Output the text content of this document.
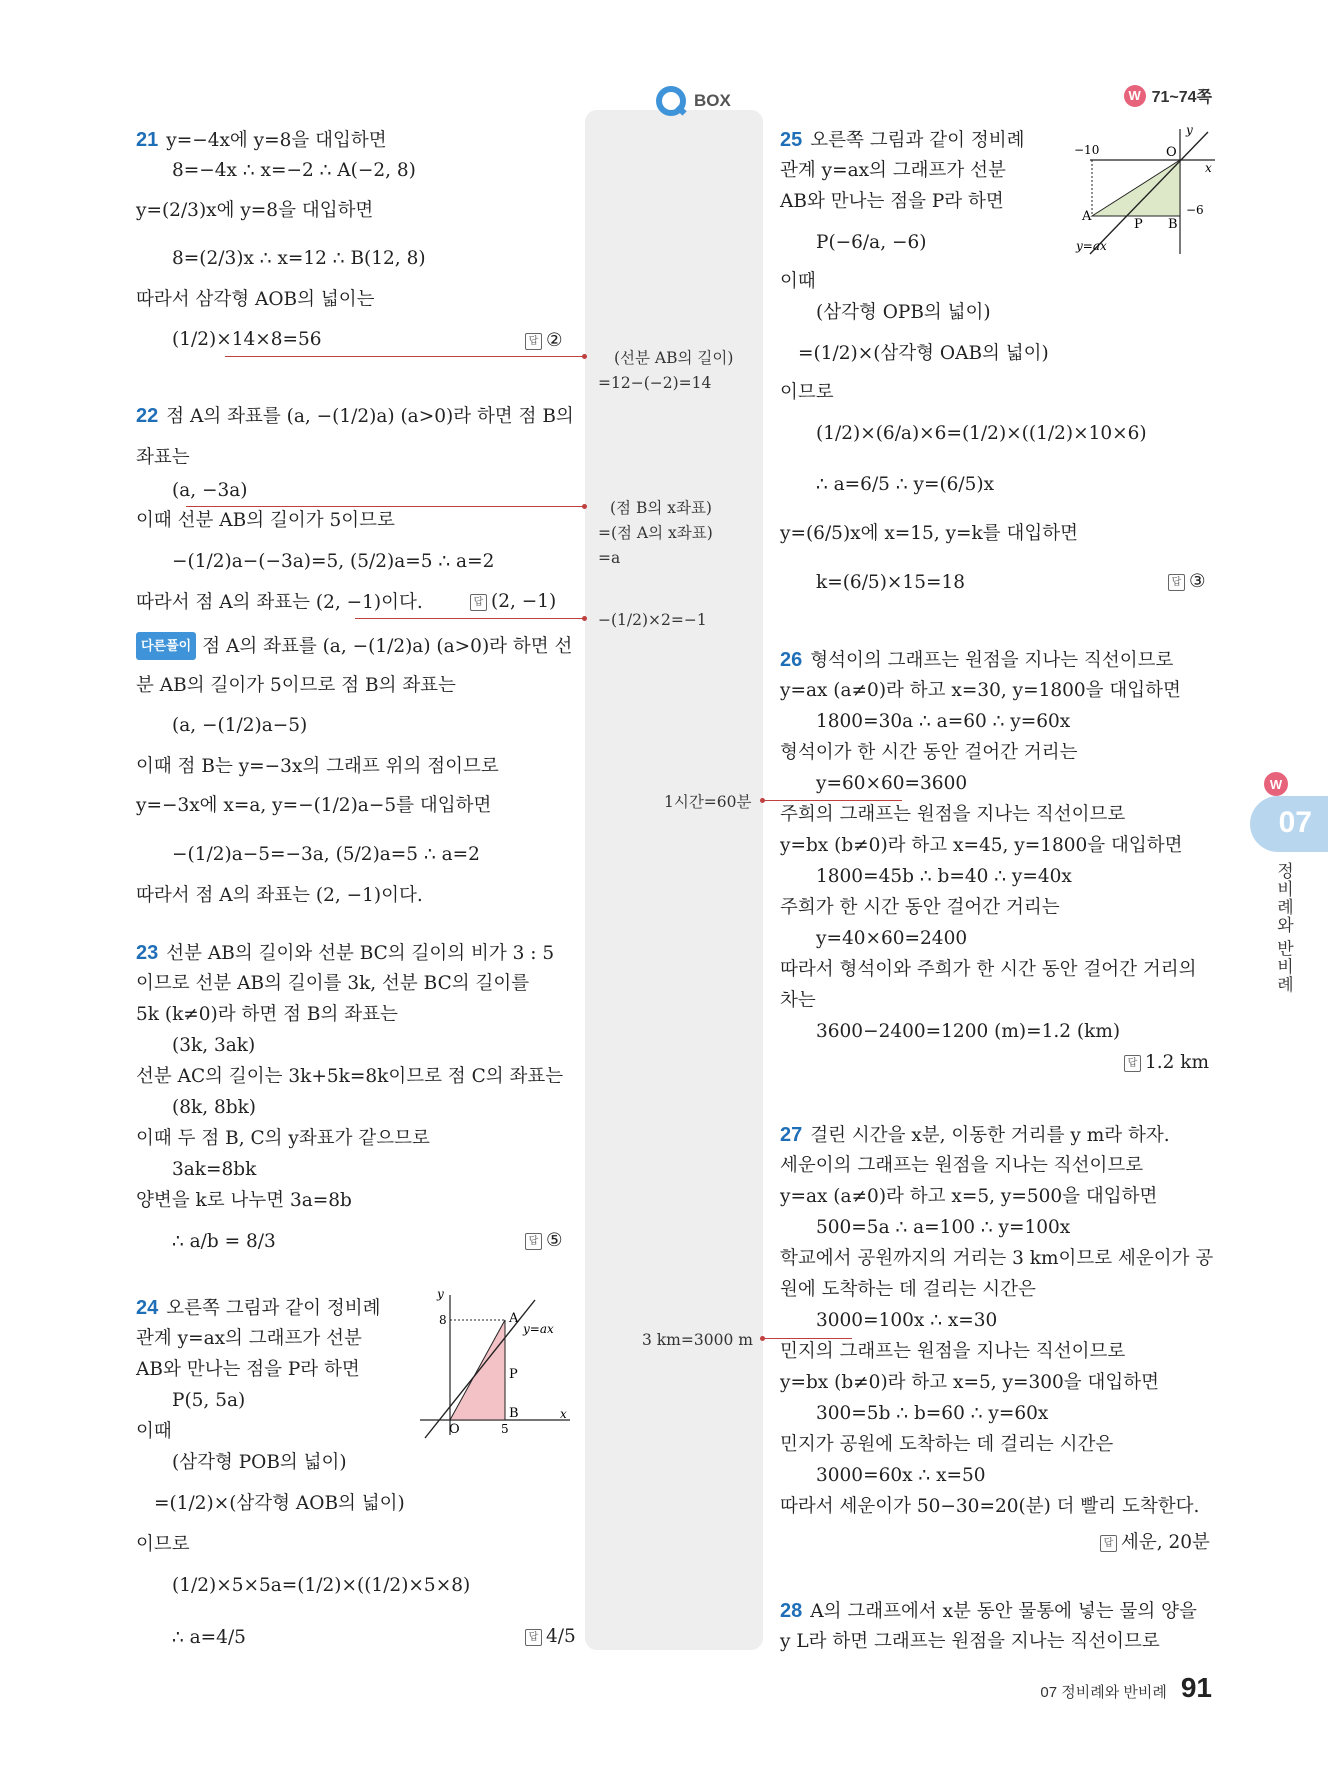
BOX	W 71~74쪽
21 y=−4x에 y=8을 대입하면
8=−4x ∴ x=−2 ∴ A(−2, 8)
y=(2/3)x에 y=8을 대입하면
8=(2/3)x ∴ x=12 ∴ B(12, 8)
따라서 삼각형 AOB의 넓이는
(1/2)×14×8=56	답 ②
22 점 A의 좌표를 (a, −(1/2)a) (a>0)라 하면 점 B의
좌표는
(a, −3a)
이때 선분 AB의 길이가 5이므로
−(1/2)a−(−3a)=5, (5/2)a=5 ∴ a=2
따라서 점 A의 좌표는 (2, −1)이다.	답 (2, −1)
다른풀이 점 A의 좌표를 (a, −(1/2)a) (a>0)라 하면 선
분 AB의 길이가 5이므로 점 B의 좌표는
(a, −(1/2)a−5)
이때 점 B는 y=−3x의 그래프 위의 점이므로
y=−3x에 x=a, y=−(1/2)a−5를 대입하면
−(1/2)a−5=−3a, (5/2)a=5 ∴ a=2
따라서 점 A의 좌표는 (2, −1)이다.
23 선분 AB의 길이와 선분 BC의 길이의 비가 3 : 5
이므로 선분 AB의 길이를 3k, 선분 BC의 길이를
5k (k≠0)라 하면 점 B의 좌표는
(3k, 3ak)
선분 AC의 길이는 3k+5k=8k이므로 점 C의 좌표는
(8k, 8bk)
이때 두 점 B, C의 y좌표가 같으므로
3ak=8bk
양변을 k로 나누면 3a=8b
∴ a/b = 8/3	답 ⑤
24 오른쪽 그림과 같이 정비례
관계 y=ax의 그래프가 선분
AB와 만나는 점을 P라 하면
P(5, 5a)
이때
(삼각형 POB의 넓이)
=(1/2)×(삼각형 AOB의 넓이)
이므로
(1/2)×5×5a=(1/2)×((1/2)×5×8)
∴ a=4/5	답 4/5
y
x
8
5
O
A
P
B
y=ax
(선분 AB의 길이)
=12−(−2)=14
(점 B의 x좌표)
=(점 A의 x좌표)
=a
−(1/2)×2=−1
1시간=60분
3 km=3000 m
25 오른쪽 그림과 같이 정비례
관계 y=ax의 그래프가 선분
AB와 만나는 점을 P라 하면
P(−6/a, −6)
이때
(삼각형 OPB의 넓이)
=(1/2)×(삼각형 OAB의 넓이)
이므로
(1/2)×(6/a)×6=(1/2)×((1/2)×10×6)
∴ a=6/5 ∴ y=(6/5)x
y=(6/5)x에 x=15, y=k를 대입하면
k=(6/5)×15=18	답 ③
−10
−6
y
x
O
A
P B
y=ax
26 형석이의 그래프는 원점을 지나는 직선이므로
y=ax (a≠0)라 하고 x=30, y=1800을 대입하면
1800=30a ∴ a=60 ∴ y=60x
형석이가 한 시간 동안 걸어간 거리는
y=60×60=3600
주희의 그래프는 원점을 지나는 직선이므로
y=bx (b≠0)라 하고 x=45, y=1800을 대입하면
1800=45b ∴ b=40 ∴ y=40x
주희가 한 시간 동안 걸어간 거리는
y=40×60=2400
따라서 형석이와 주희가 한 시간 동안 걸어간 거리의
차는
3600−2400=1200 (m)=1.2 (km)
답 1.2 km
27 걸린 시간을 x분, 이동한 거리를 y m라 하자.
세운이의 그래프는 원점을 지나는 직선이므로
y=ax (a≠0)라 하고 x=5, y=500을 대입하면
500=5a ∴ a=100 ∴ y=100x
학교에서 공원까지의 거리는 3 km이므로 세운이가 공
원에 도착하는 데 걸리는 시간은
3000=100x ∴ x=30
민지의 그래프는 원점을 지나는 직선이므로
y=bx (b≠0)라 하고 x=5, y=300을 대입하면
300=5b ∴ b=60 ∴ y=60x
민지가 공원에 도착하는 데 걸리는 시간은
3000=60x ∴ x=50
따라서 세운이가 50−30=20(분) 더 빨리 도착한다.
답 세운, 20분
28 A의 그래프에서 x분 동안 물통에 넣는 물의 양을
y L라 하면 그래프는 원점을 지나는 직선이므로
W
07
정비례와 반비례
07 정비례와 반비례 91
